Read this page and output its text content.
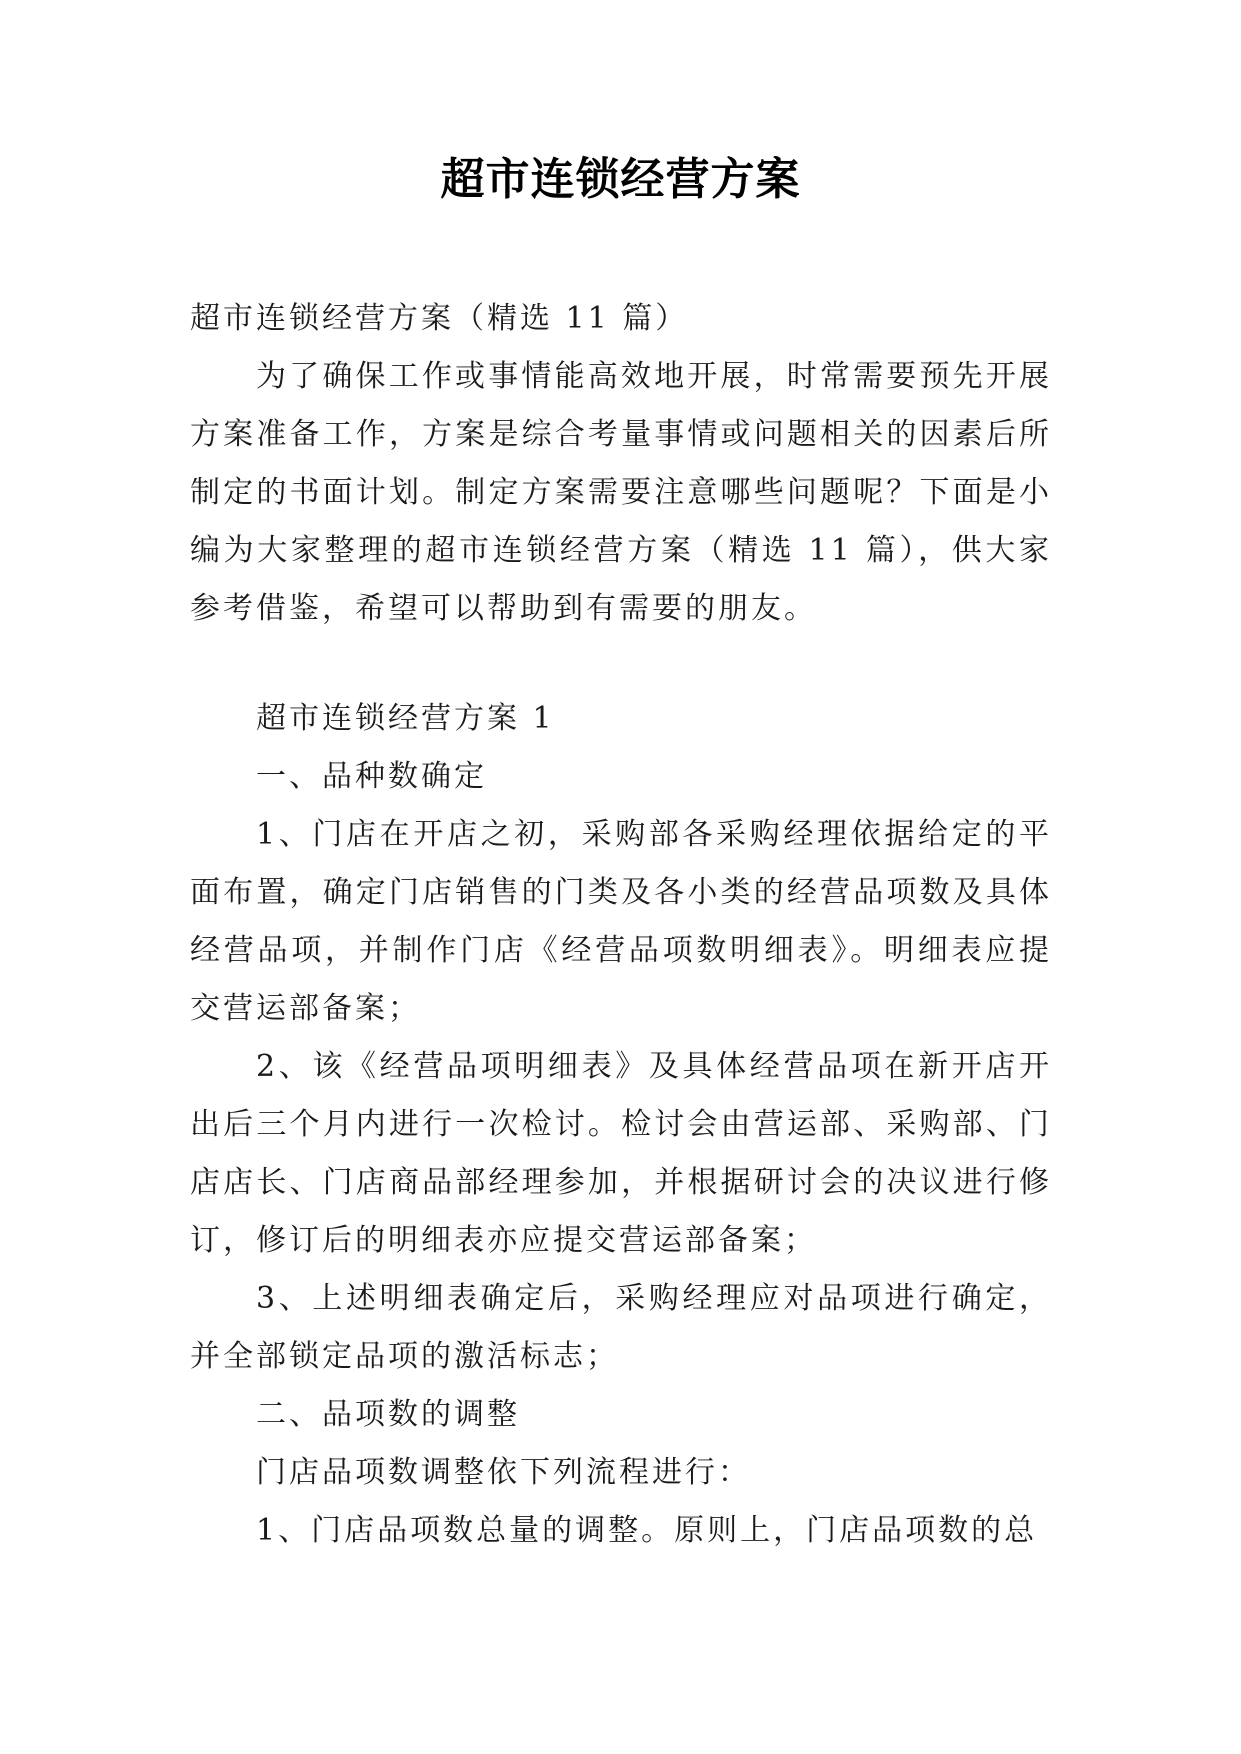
超市连锁经营方案

超市连锁经营方案（精选 11 篇）

为了确保工作或事情能高效地开展，时常需要预先开展方案准备工作，方案是综合考量事情或问题相关的因素后所制定的书面计划。制定方案需要注意哪些问题呢？下面是小编为大家整理的超市连锁经营方案（精选 11 篇），供大家参考借鉴，希望可以帮助到有需要的朋友。

超市连锁经营方案 1

一、品种数确定

1、门店在开店之初，采购部各采购经理依据给定的平面布置，确定门店销售的门类及各小类的经营品项数及具体经营品项，并制作门店《经营品项数明细表》。明细表应提交营运部备案；

2、该《经营品项明细表》及具体经营品项在新开店开出后三个月内进行一次检讨。检讨会由营运部、采购部、门店店长、门店商品部经理参加，并根据研讨会的决议进行修订，修订后的明细表亦应提交营运部备案；

3、上述明细表确定后，采购经理应对品项进行确定，并全部锁定品项的激活标志；

二、品项数的调整

门店品项数调整依下列流程进行：

1、门店品项数总量的调整。原则上，门店品项数的总
